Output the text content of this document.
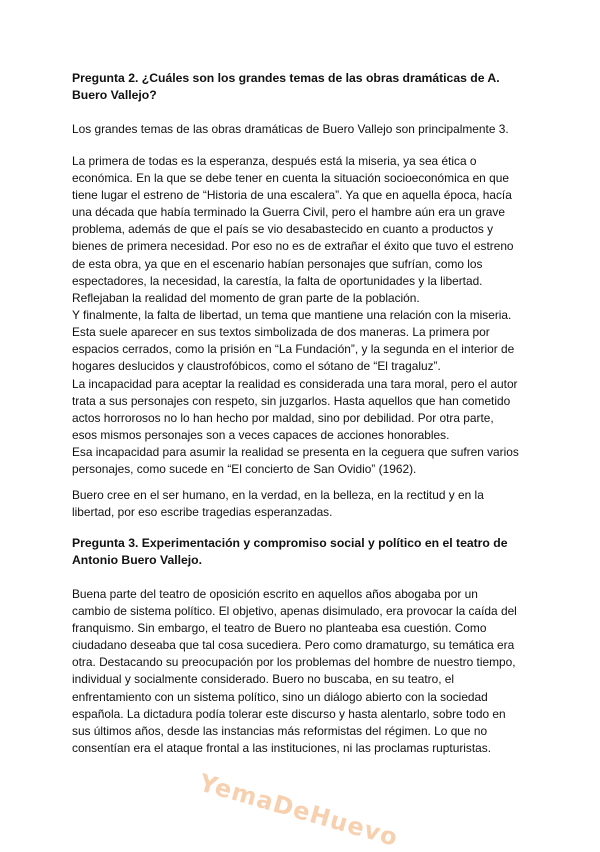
Pregunta 2. ¿Cuáles son los grandes temas de las obras dramáticas de A.
Buero Vallejo?

Los grandes temas de las obras dramáticas de Buero Vallejo son principalmente 3.

La primera de todas es la esperanza, después está la miseria, ya sea ética o
económica. En la que se debe tener en cuenta la situación socioeconómica en que
tiene lugar el estreno de “Historia de una escalera”. Ya que en aquella época, hacía
una década que había terminado la Guerra Civil, pero el hambre aún era un grave
problema, además de que el país se vio desabastecido en cuanto a productos y
bienes de primera necesidad. Por eso no es de extrañar el éxito que tuvo el estreno
de esta obra, ya que en el escenario habían personajes que sufrían, como los
espectadores, la necesidad, la carestía, la falta de oportunidades y la libertad.
Reflejaban la realidad del momento de gran parte de la población.
Y finalmente, la falta de libertad, un tema que mantiene una relación con la miseria.
Esta suele aparecer en sus textos simbolizada de dos maneras. La primera por
espacios cerrados, como la prisión en “La Fundación”, y la segunda en el interior de
hogares deslucidos y claustrofóbicos, como el sótano de “El tragaluz”.

La incapacidad para aceptar la realidad es considerada una tara moral, pero el autor
trata a sus personajes con respeto, sin juzgarlos. Hasta aquellos que han cometido
actos horrorosos no lo han hecho por maldad, sino por debilidad. Por otra parte,
esos mismos personajes son a veces capaces de acciones honorables.
Esa incapacidad para asumir la realidad se presenta en la ceguera que sufren varios
personajes, como sucede en “El concierto de San Ovidio” (1962).

Buero cree en el ser humano, en la verdad, en la belleza, en la rectitud y en la
libertad, por eso escribe tragedias esperanzadas.

Pregunta 3. Experimentación y compromiso social y político en el teatro de
Antonio Buero Vallejo.

Buena parte del teatro de oposición escrito en aquellos años abogaba por un
cambio de sistema político. El objetivo, apenas disimulado, era provocar la caída del
franquismo. Sin embargo, el teatro de Buero no planteaba esa cuestión. Como
ciudadano deseaba que tal cosa sucediera. Pero como dramaturgo, su temática era
otra. Destacando su preocupación por los problemas del hombre de nuestro tiempo,
individual y socialmente considerado. Buero no buscaba, en su teatro, el
enfrentamiento con un sistema político, sino un diálogo abierto con la sociedad
española. La dictadura podía tolerar este discurso y hasta alentarlo, sobre todo en
sus últimos años, desde las instancias más reformistas del régimen. Lo que no
consentían era el ataque frontal a las instituciones, ni las proclamas rupturistas.

YemaDeHuevo
